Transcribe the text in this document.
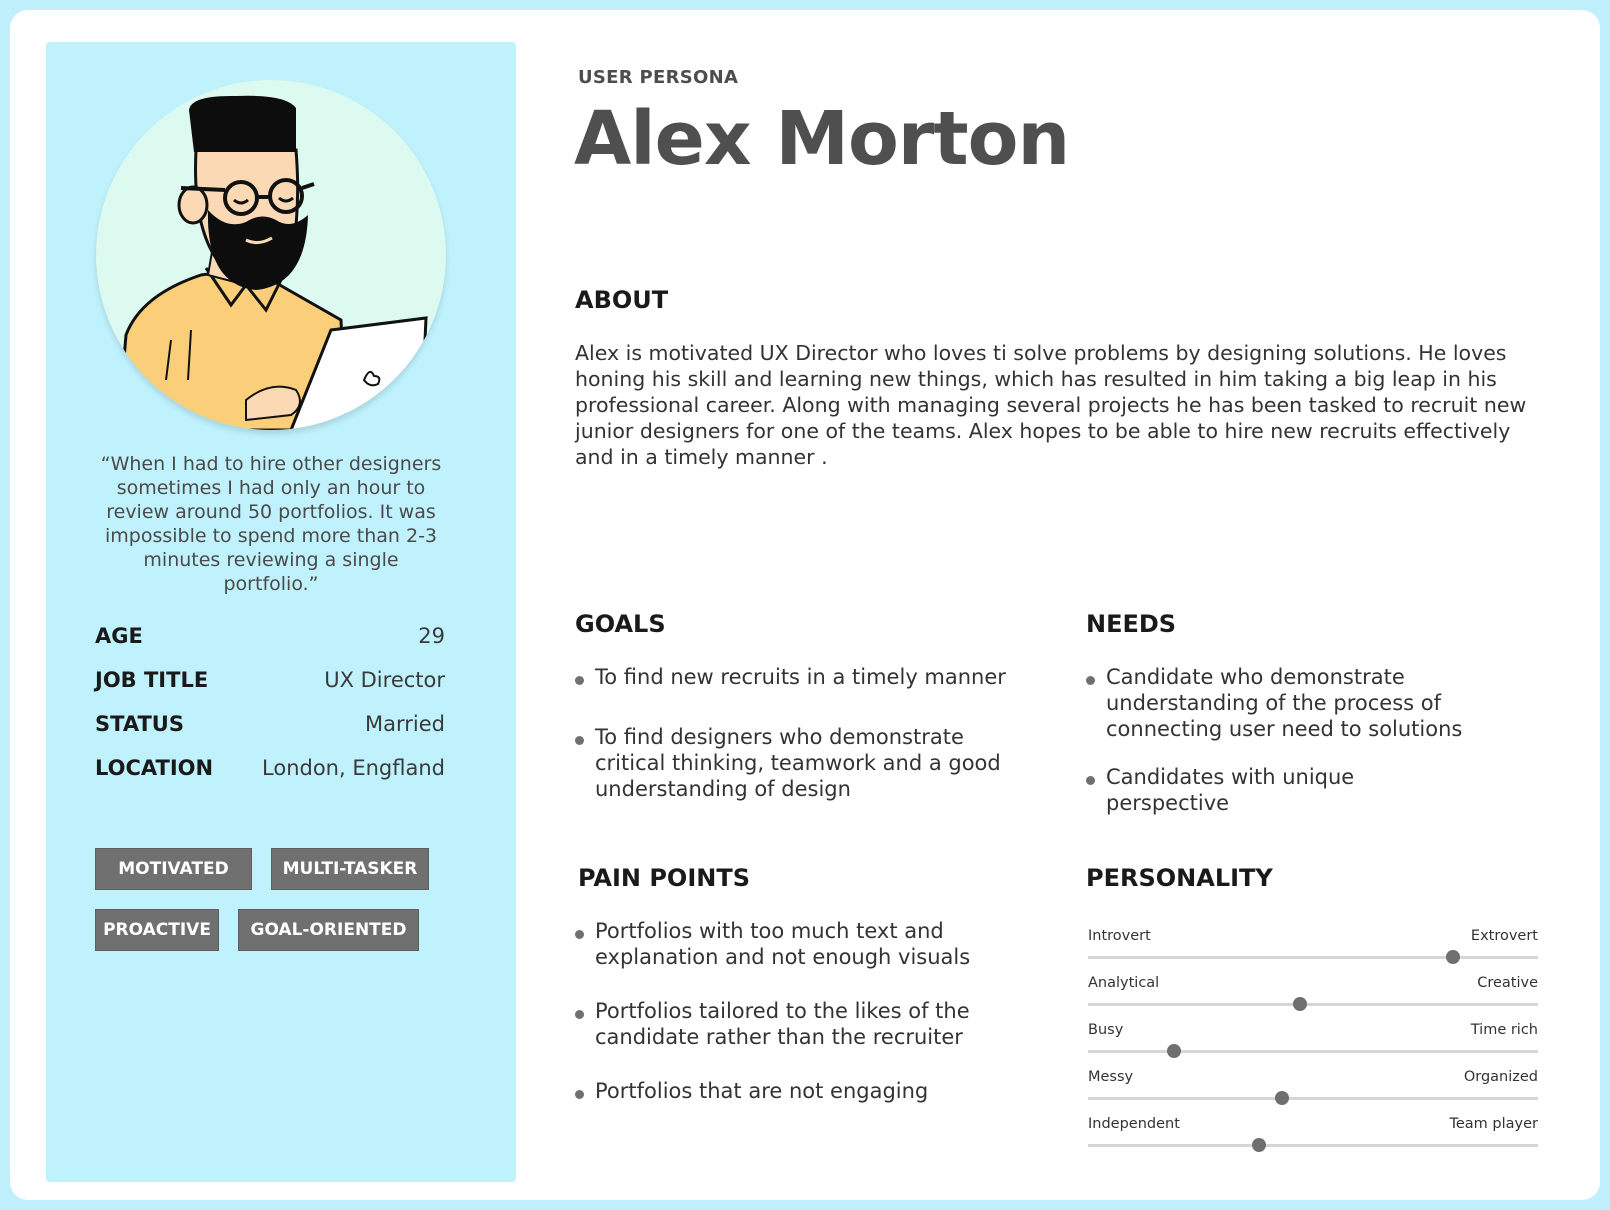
“When I had to hire other designers sometimes I had only an hour to review around 50 portfolios. It was impossible to spend more than 2-3 minutes reviewing a single portfolio.”
AGE	29
JOB TITLE	UX Director
STATUS	Married
LOCATION London, Engfland
MOTIVATED	MULTI-TASKER
PROACTIVE	GOAL-ORIENTED
USER PERSONA
Alex Morton
ABOUT
Alex is motivated UX Director who loves ti solve problems by designing solutions. He loves honing his skill and learning new things, which has resulted in him taking a big leap in his professional career. Along with managing several projects he has been tasked to recruit new junior designers for one of the teams. Alex hopes to be able to hire new recruits effectively and in a timely manner .
GOALS
To find new recruits in a timely manner
To find designers who demonstrate critical thinking, teamwork and a good understanding of design
NEEDS
Candidate who demonstrate understanding of the process of connecting user need to solutions
Candidates with unique perspective
PAIN POINTS
Portfolios with too much text and explanation and not enough visuals
Portfolios tailored to the likes of the candidate rather than the recruiter
Portfolios that are not engaging
PERSONALITY
Introvert	Extrovert
Analytical	Creative
Busy	Time rich
Messy	Organized
Independent	Team player
